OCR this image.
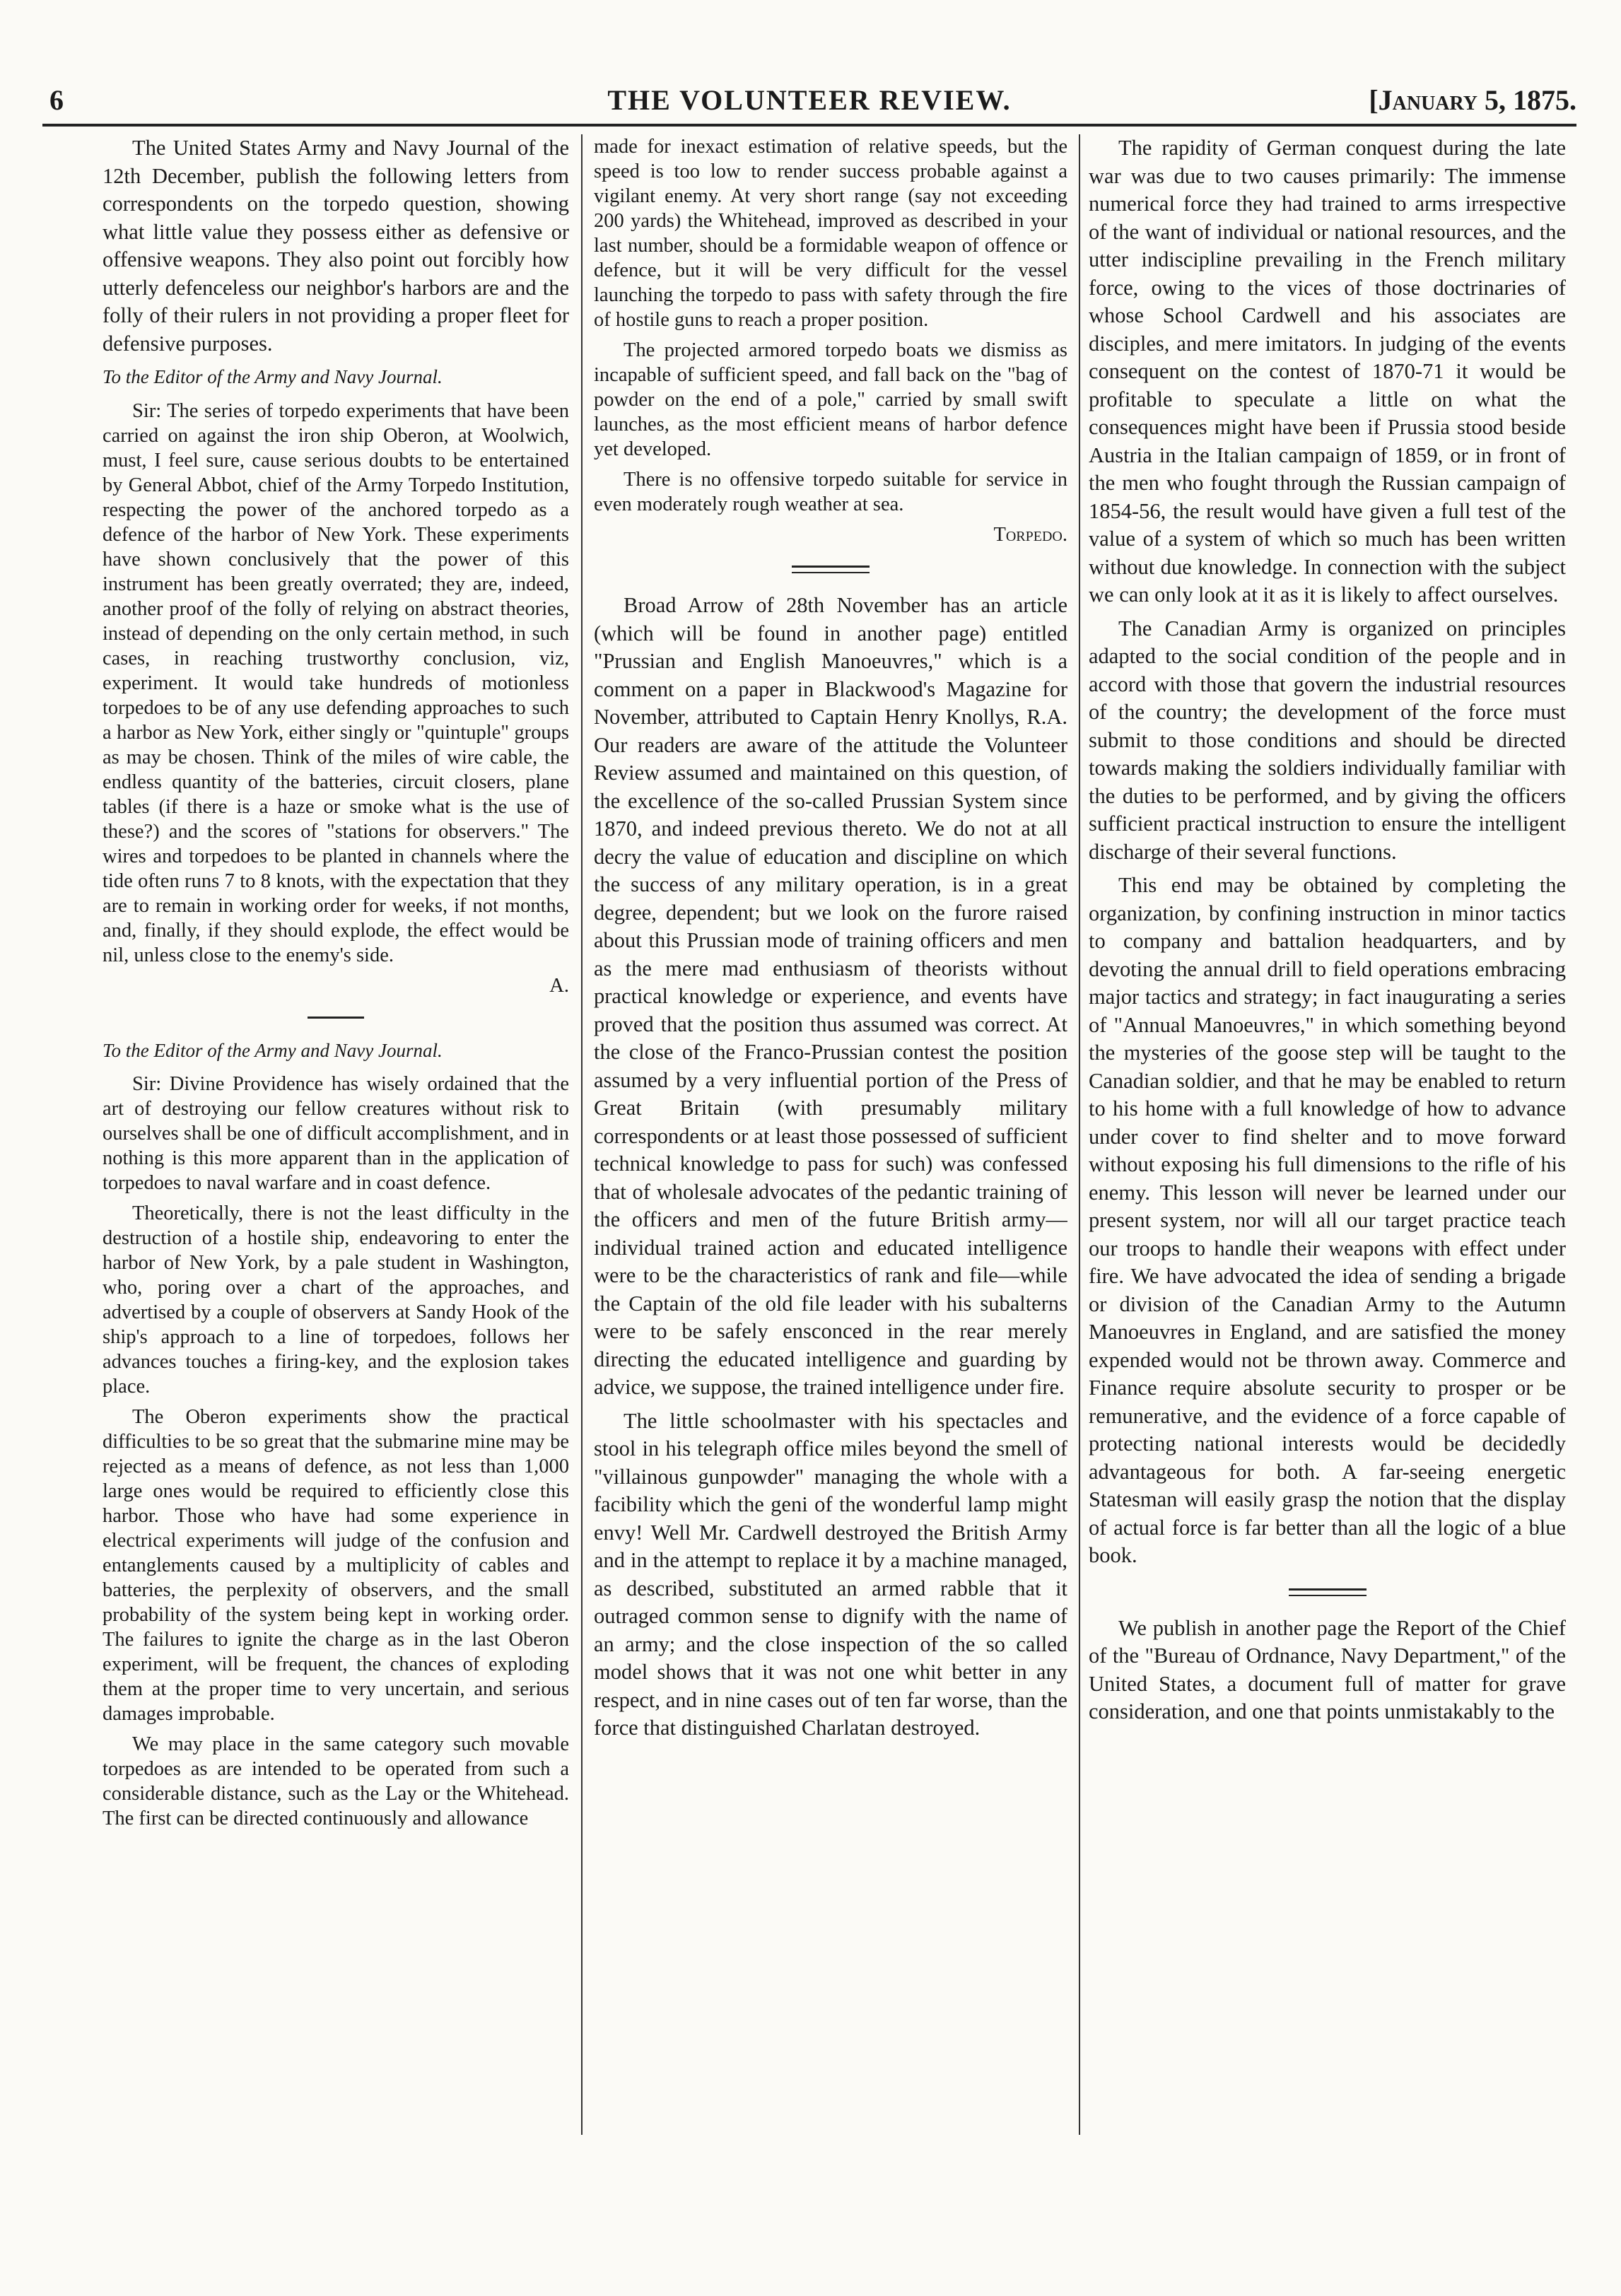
6	THE VOLUNTEER REVIEW.	[January 5, 1875.

The United States Army and Navy Journal of the 12th December, publish the following letters from correspondents on the torpedo question, showing what little value they possess either as defensive or offensive weapons. They also point out forcibly how utterly defenceless our neighbor's harbors are and the folly of their rulers in not providing a proper fleet for defensive purposes.

To the Editor of the Army and Navy Journal.

Sir: The series of torpedo experiments that have been carried on against the iron ship Oberon, at Woolwich, must, I feel sure, cause serious doubts to be entertained by General Abbot, chief of the Army Torpedo Institution, respecting the power of the anchored torpedo as a defence of the harbor of New York. These experiments have shown conclusively that the power of this instrument has been greatly overrated; they are, indeed, another proof of the folly of relying on abstract theories, instead of depending on the only certain method, in such cases, in reaching trustworthy conclusion, viz, experiment. It would take hundreds of motionless torpedoes to be of any use defending approaches to such a harbor as New York, either singly or "quintuple" groups as may be chosen. Think of the miles of wire cable, the endless quantity of the batteries, circuit closers, plane tables (if there is a haze or smoke what is the use of these?) and the scores of "stations for observers." The wires and torpedoes to be planted in channels where the tide often runs 7 to 8 knots, with the expectation that they are to remain in working order for weeks, if not months, and, finally, if they should explode, the effect would be nil, unless close to the enemy's side.

A.

To the Editor of the Army and Navy Journal.

Sir: Divine Providence has wisely ordained that the art of destroying our fellow creatures without risk to ourselves shall be one of difficult accomplishment, and in nothing is this more apparent than in the application of torpedoes to naval warfare and in coast defence.

Theoretically, there is not the least difficulty in the destruction of a hostile ship, endeavoring to enter the harbor of New York, by a pale student in Washington, who, poring over a chart of the approaches, and advertised by a couple of observers at Sandy Hook of the ship's approach to a line of torpedoes, follows her advances touches a firing-key, and the explosion takes place.

The Oberon experiments show the practical difficulties to be so great that the submarine mine may be rejected as a means of defence, as not less than 1,000 large ones would be required to efficiently close this harbor. Those who have had some experience in electrical experiments will judge of the confusion and entanglements caused by a multiplicity of cables and batteries, the perplexity of observers, and the small probability of the system being kept in working order. The failures to ignite the charge as in the last Oberon experiment, will be frequent, the chances of exploding them at the proper time to very uncertain, and serious damages improbable.

We may place in the same category such movable torpedoes as are intended to be operated from such a considerable distance, such as the Lay or the Whitehead. The first can be directed continuously and allowance

made for inexact estimation of relative speeds, but the speed is too low to render success probable against a vigilant enemy. At very short range (say not exceeding 200 yards) the Whitehead, improved as described in your last number, should be a formidable weapon of offence or defence, but it will be very difficult for the vessel launching the torpedo to pass with safety through the fire of hostile guns to reach a proper position.

The projected armored torpedo boats we dismiss as incapable of sufficient speed, and fall back on the "bag of powder on the end of a pole," carried by small swift launches, as the most efficient means of harbor defence yet developed.

There is no offensive torpedo suitable for service in even moderately rough weather at sea.

Torpedo.

Broad Arrow of 28th November has an article (which will be found in another page) entitled "Prussian and English Manoeuvres," which is a comment on a paper in Blackwood's Magazine for November, attributed to Captain Henry Knollys, R.A. Our readers are aware of the attitude the Volunteer Review assumed and maintained on this question, of the excellence of the so-called Prussian System since 1870, and indeed previous thereto. We do not at all decry the value of education and discipline on which the success of any military operation, is in a great degree, dependent; but we look on the furore raised about this Prussian mode of training officers and men as the mere mad enthusiasm of theorists without practical knowledge or experience, and events have proved that the position thus assumed was correct. At the close of the Franco-Prussian contest the position assumed by a very influential portion of the Press of Great Britain (with presumably military correspondents or at least those possessed of sufficient technical knowledge to pass for such) was confessed that of wholesale advocates of the pedantic training of the officers and men of the future British army—individual trained action and educated intelligence were to be the characteristics of rank and file—while the Captain of the old file leader with his subalterns were to be safely ensconced in the rear merely directing the educated intelligence and guarding by advice, we suppose, the trained intelligence under fire.

The little schoolmaster with his spectacles and stool in his telegraph office miles beyond the smell of "villainous gunpowder" managing the whole with a facibility which the geni of the wonderful lamp might envy! Well Mr. Cardwell destroyed the British Army and in the attempt to replace it by a machine managed, as described, substituted an armed rabble that it outraged common sense to dignify with the name of an army; and the close inspection of the so called model shows that it was not one whit better in any respect, and in nine cases out of ten far worse, than the force that distinguished Charlatan destroyed.

The rapidity of German conquest during the late war was due to two causes primarily: The immense numerical force they had trained to arms irrespective of the want of individual or national resources, and the utter indiscipline prevailing in the French military force, owing to the vices of those doctrinaries of whose School Cardwell and his associates are disciples, and mere imitators. In judging of the events consequent on the contest of 1870-71 it would be profitable to speculate a little on what the consequences might have been if Prussia stood beside Austria in the Italian campaign of 1859, or in front of the men who fought through the Russian campaign of 1854-56, the result would have given a full test of the value of a system of which so much has been written without due knowledge. In connection with the subject we can only look at it as it is likely to affect ourselves.

The Canadian Army is organized on principles adapted to the social condition of the people and in accord with those that govern the industrial resources of the country; the development of the force must submit to those conditions and should be directed towards making the soldiers individually familiar with the duties to be performed, and by giving the officers sufficient practical instruction to ensure the intelligent discharge of their several functions.

This end may be obtained by completing the organization, by confining instruction in minor tactics to company and battalion headquarters, and by devoting the annual drill to field operations embracing major tactics and strategy; in fact inaugurating a series of "Annual Manoeuvres," in which something beyond the mysteries of the goose step will be taught to the Canadian soldier, and that he may be enabled to return to his home with a full knowledge of how to advance under cover to find shelter and to move forward without exposing his full dimensions to the rifle of his enemy. This lesson will never be learned under our present system, nor will all our target practice teach our troops to handle their weapons with effect under fire. We have advocated the idea of sending a brigade or division of the Canadian Army to the Autumn Manoeuvres in England, and are satisfied the money expended would not be thrown away. Commerce and Finance require absolute security to prosper or be remunerative, and the evidence of a force capable of protecting national interests would be decidedly advantageous for both. A far-seeing energetic Statesman will easily grasp the notion that the display of actual force is far better than all the logic of a blue book.

We publish in another page the Report of the Chief of the "Bureau of Ordnance, Navy Department," of the United States, a document full of matter for grave consideration, and one that points unmistakably to the
